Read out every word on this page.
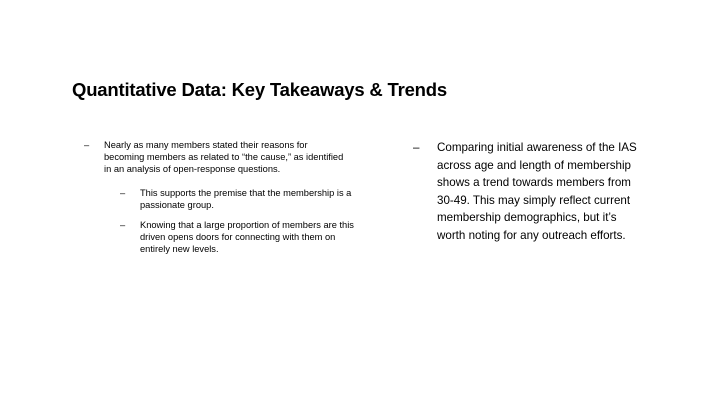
Quantitative Data: Key Takeaways & Trends
– Nearly as many members stated their reasons for becoming members as related to “the cause,” as identified in an analysis of open-response questions.
– This supports the premise that the membership is a passionate group.
– Knowing that a large proportion of members are this driven opens doors for connecting with them on entirely new levels.
– Comparing initial awareness of the IAS across age and length of membership shows a trend towards members from 30-49. This may simply reflect current membership demographics, but it’s worth noting for any outreach efforts.
